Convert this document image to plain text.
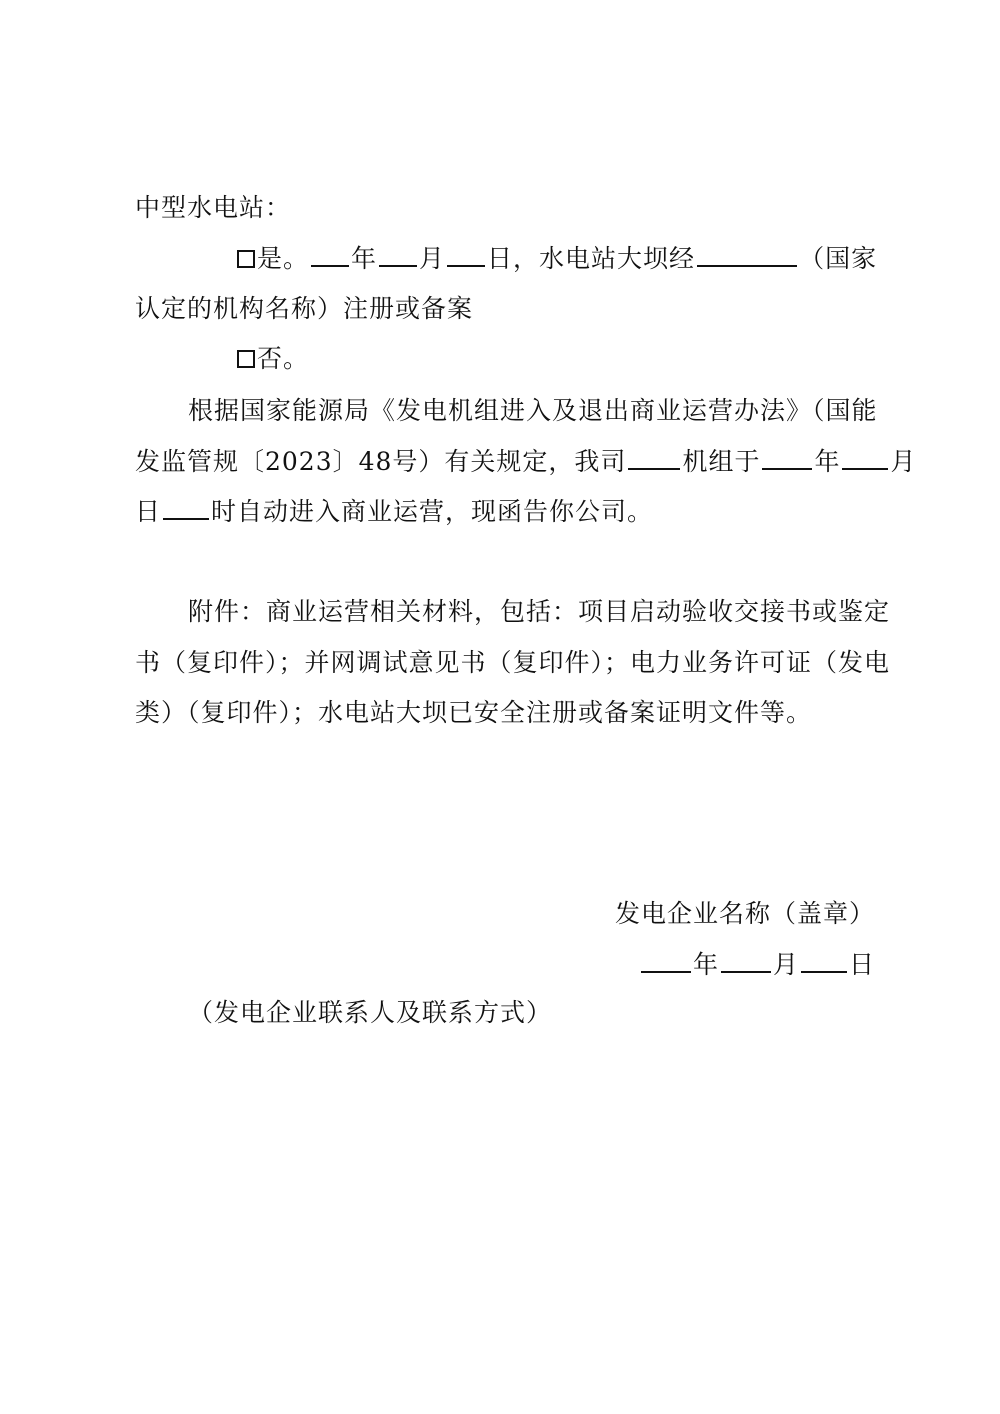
中型水电站：
是。 年 月 日，水电站大坝经	（国家
认定的机构名称）注册或备案
否。
根据国家能源局《发电机组进入及退出商业运营办法》（国能
发监管规〔2023〕48号）有关规定，我司 机组于 年 月
日 时自动进入商业运营，现函告你公司。
附件：商业运营相关材料，包括：项目启动验收交接书或鉴定
书（复印件）；并网调试意见书（复印件）；电力业务许可证（发电
类）（复印件）；水电站大坝已安全注册或备案证明文件等。
发电企业名称（盖章）
年 月 日
（发电企业联系人及联系方式）
